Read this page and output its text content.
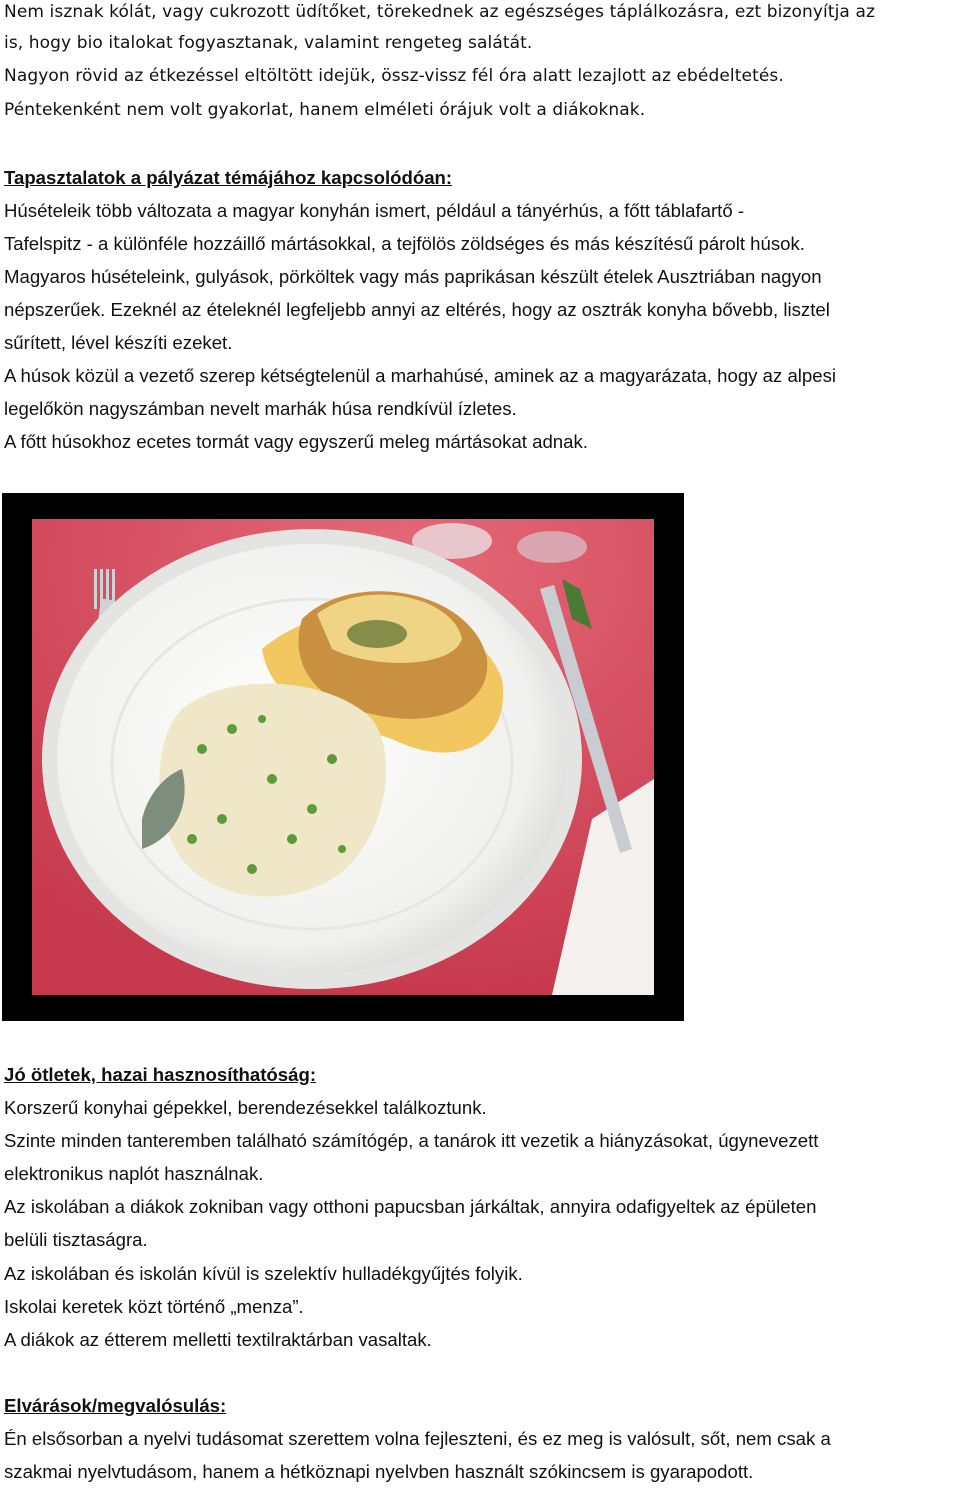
Nem isznak kólát, vagy cukrozott üdítőket, törekednek az egészséges táplálkozásra, ezt bizonyítja az
is, hogy bio italokat fogyasztanak, valamint rengeteg salátát.
Nagyon rövid az étkezéssel eltöltött idejük, össz-vissz fél óra alatt lezajlott az ebédeltetés.
Péntekenként nem volt gyakorlat, hanem elméleti órájuk volt a diákoknak.
Tapasztalatok a pályázat témájához kapcsolódóan:
Húsételeik több változata a magyar konyhán ismert, például a tányérhús, a főtt táblafartő -
Tafelspitz - a különféle hozzáillő mártásokkal, a tejfölös zöldséges és más készítésű párolt húsok.
Magyaros húsételeink, gulyások, pörköltek vagy más paprikásan készült ételek Ausztriában nagyon
népszerűek. Ezeknél az ételeknél legfeljebb annyi az eltérés, hogy az osztrák konyha bővebb, lisztel
sűrített, lével készíti ezeket.
A húsok közül a vezető szerep kétségtelenül a marhahúsé, aminek az a magyarázata, hogy az alpesi
legelőkön nagyszámban nevelt marhák húsa rendkívül ízletes.
A főtt húsokhoz ecetes tormát vagy egyszerű meleg mártásokat adnak.
Jó ötletek, hazai hasznosíthatóság:
Korszerű konyhai gépekkel, berendezésekkel találkoztunk.
Szinte minden tanteremben található számítógép, a tanárok itt vezetik a hiányzásokat, úgynevezett
elektronikus naplót használnak.
Az iskolában a diákok zokniban vagy otthoni papucsban járkáltak, annyira odafigyeltek az épületen
belüli tisztaságra.
Az iskolában és iskolán kívül is szelektív hulladékgyűjtés folyik.
Iskolai keretek közt történő „menza”.
A diákok az étterem melletti textilraktárban vasaltak.
Elvárások/megvalósulás:
Én elsősorban a nyelvi tudásomat szerettem volna fejleszteni, és ez meg is valósult, sőt, nem csak a
szakmai nyelvtudásom, hanem a hétköznapi nyelvben használt szókincsem is gyarapodott.
